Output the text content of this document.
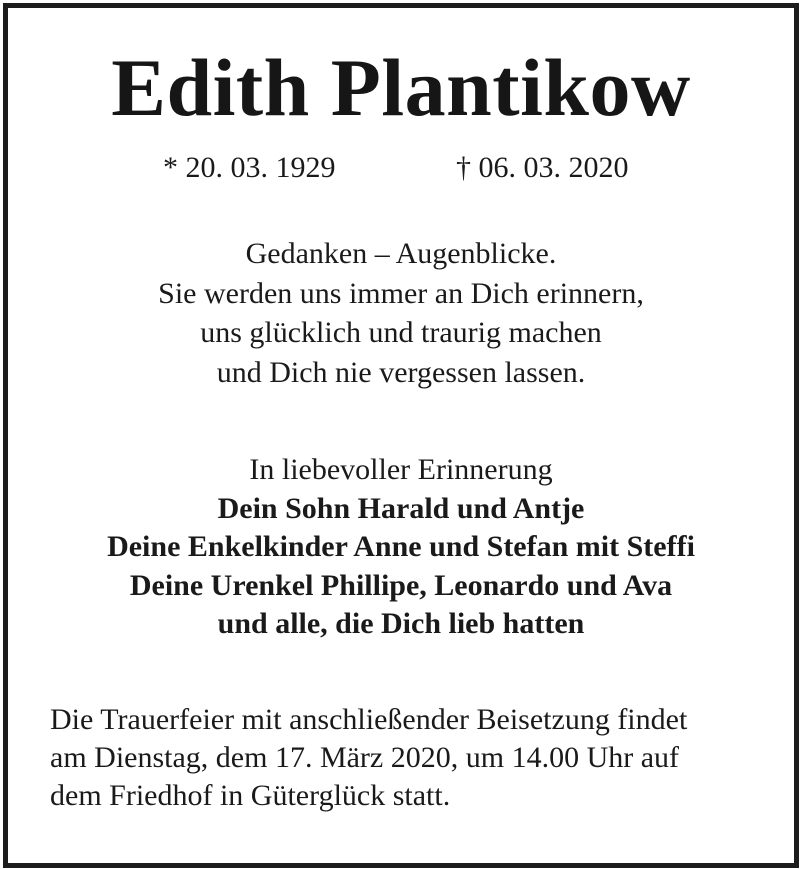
Edith Plantikow
* 20. 03. 1929	† 06. 03. 2020
Gedanken – Augenblicke.
Sie werden uns immer an Dich erinnern,
uns glücklich und traurig machen
und Dich nie vergessen lassen.
In liebevoller Erinnerung
Dein Sohn Harald und Antje
Deine Enkelkinder Anne und Stefan mit Steffi
Deine Urenkel Phillipe, Leonardo und Ava
und alle, die Dich lieb hatten
Die Trauerfeier mit anschließender Beisetzung findet
am Dienstag, dem 17. März 2020, um 14.00 Uhr auf
dem Friedhof in Güterglück statt.
